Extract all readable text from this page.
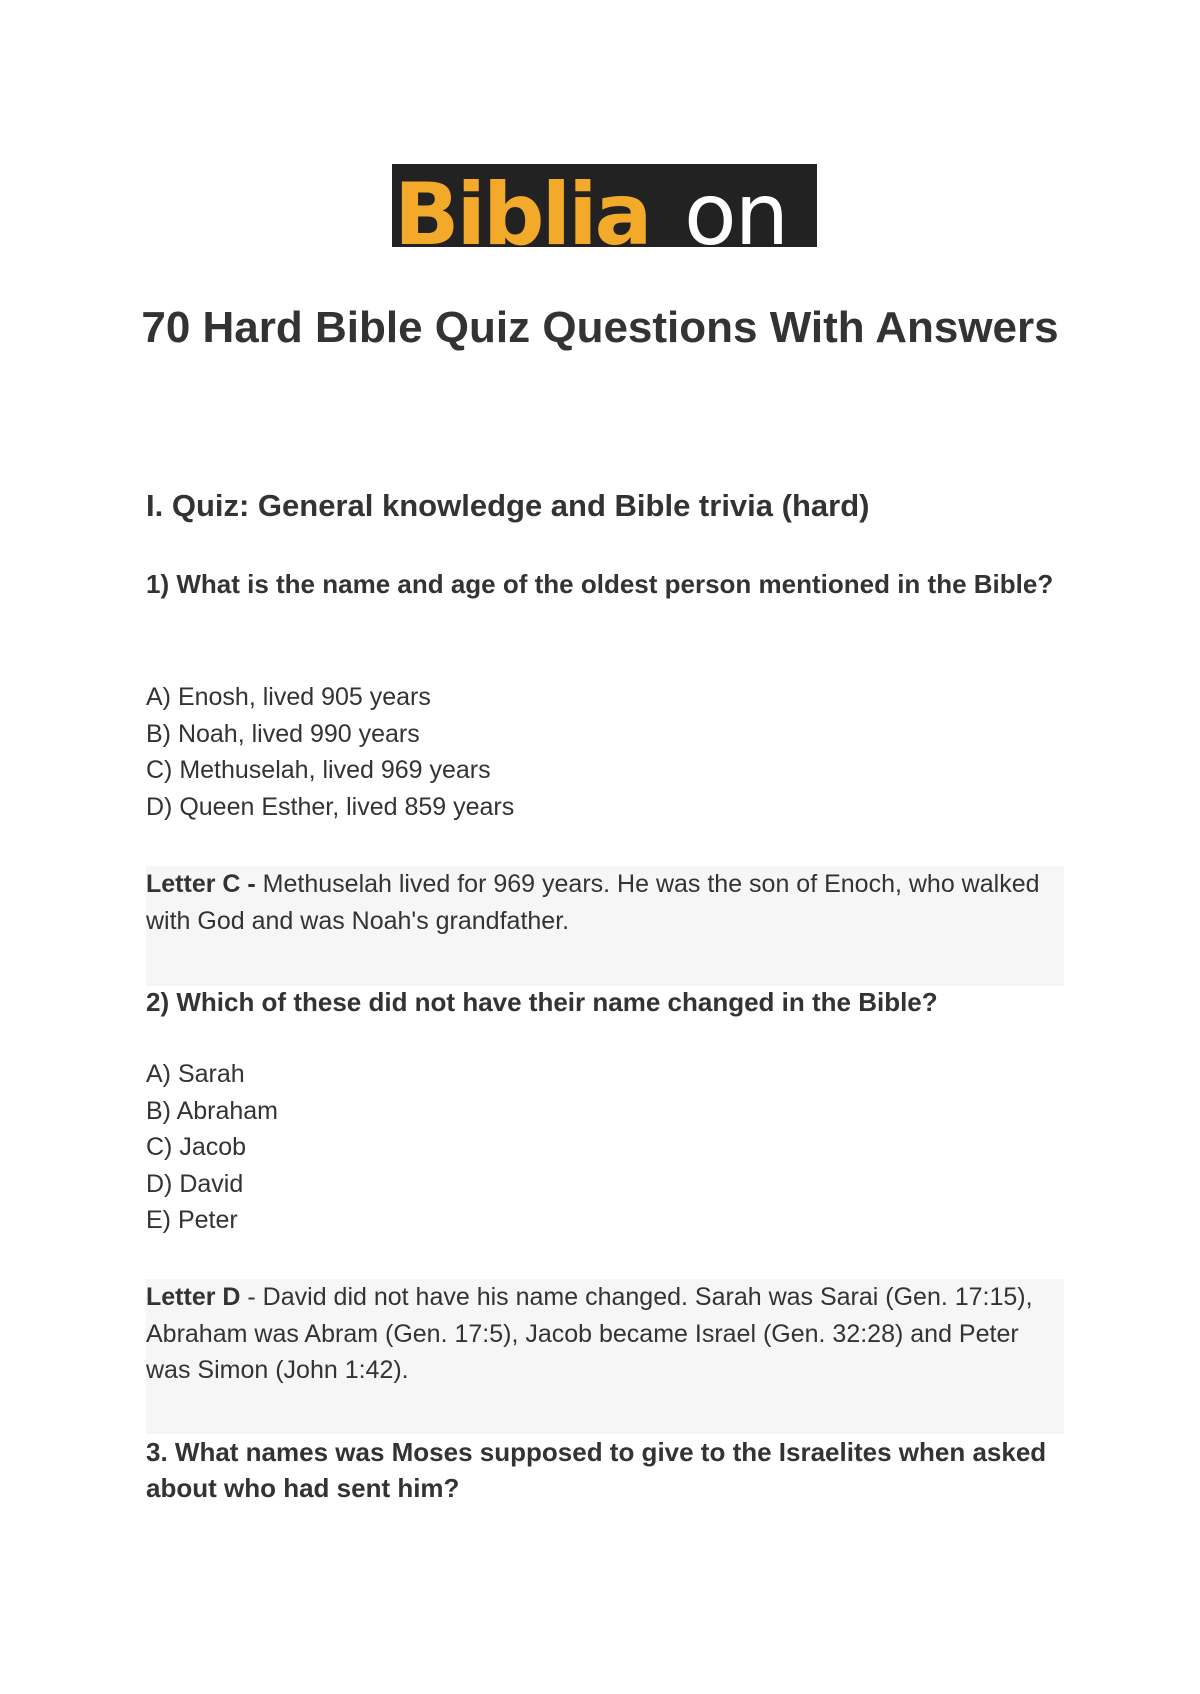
Biblia on
70 Hard Bible Quiz Questions With Answers
I. Quiz: General knowledge and Bible trivia (hard)
1) What is the name and age of the oldest person mentioned in the Bible?
A) Enosh, lived 905 years
B) Noah, lived 990 years
C) Methuselah, lived 969 years
D) Queen Esther, lived 859 years
Letter C - Methuselah lived for 969 years. He was the son of Enoch, who walked with God and was Noah's grandfather.
2) Which of these did not have their name changed in the Bible?
A) Sarah
B) Abraham
C) Jacob
D) David
E) Peter
Letter D - David did not have his name changed. Sarah was Sarai (Gen. 17:15), Abraham was Abram (Gen. 17:5), Jacob became Israel (Gen. 32:28) and Peter was Simon (John 1:42).
3. What names was Moses supposed to give to the Israelites when asked about who had sent him?
